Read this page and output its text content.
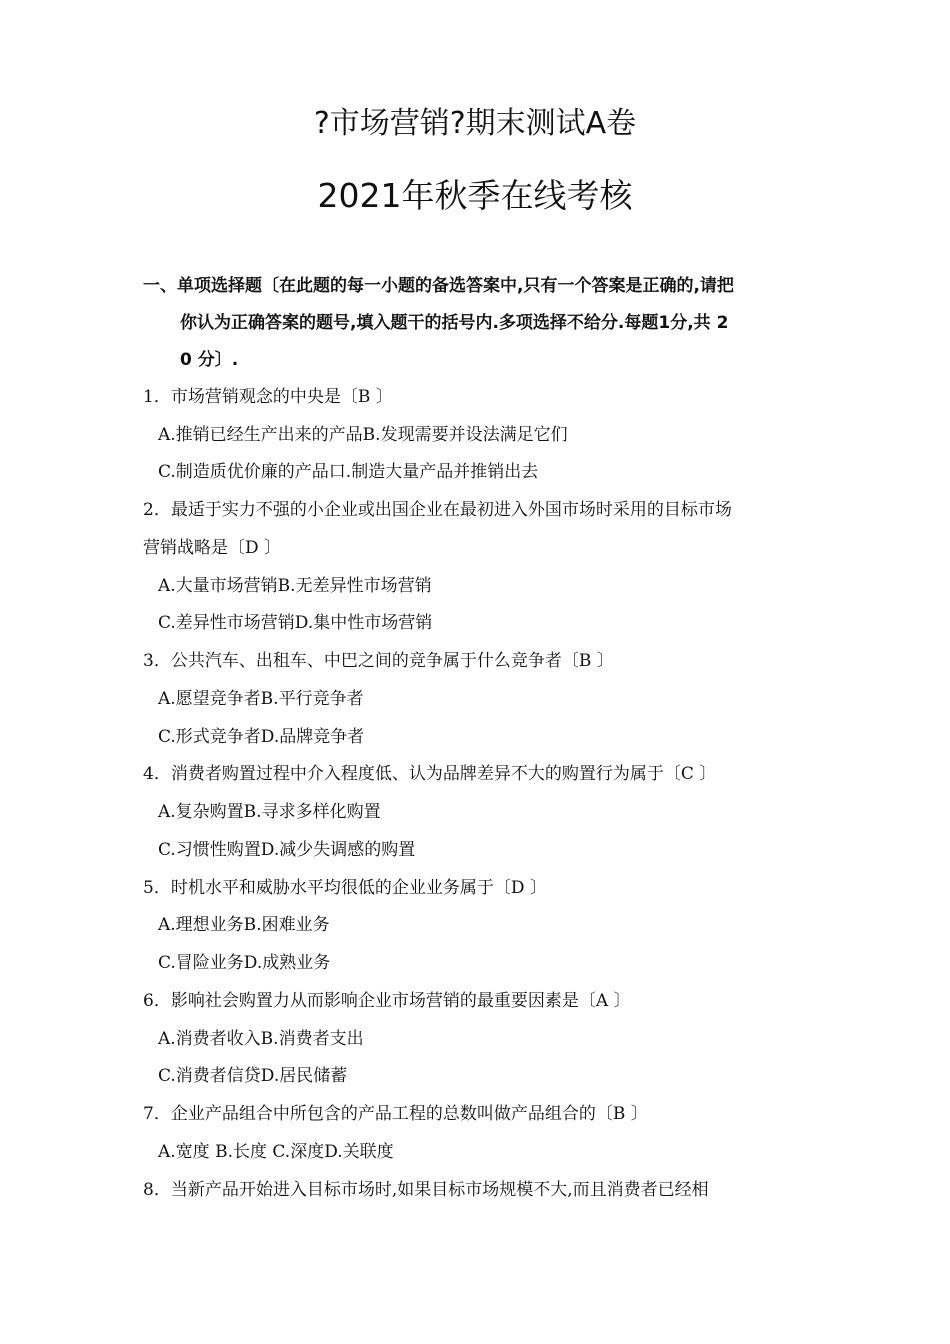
?市场营销?期末测试A卷
2021年秋季在线考核
一、单项选择题〔在此题的每一小题的备选答案中,只有一个答案是正确的,请把
你认为正确答案的题号,填入题干的括号内.多项选择不给分.每题1分,共 2
0 分〕.
1．市场营销观念的中央是〔B 〕
A.推销已经生产出来的产品B.发现需要并设法满足它们
C.制造质优价廉的产品口.制造大量产品并推销出去
2．最适于实力不强的小企业或出国企业在最初进入外国市场时采用的目标市场
营销战略是〔D 〕
A.大量市场营销B.无差异性市场营销
C.差异性市场营销D.集中性市场营销
3．公共汽车、出租车、中巴之间的竞争属于什么竞争者〔B 〕
A.愿望竞争者B.平行竞争者
C.形式竞争者D.品牌竞争者
4．消费者购置过程中介入程度低、认为品牌差异不大的购置行为属于〔C 〕
A.复杂购置B.寻求多样化购置
C.习惯性购置D.减少失调感的购置
5．时机水平和威胁水平均很低的企业业务属于〔D 〕
A.理想业务B.困难业务
C.冒险业务D.成熟业务
6．影响社会购置力从而影响企业市场营销的最重要因素是〔A 〕
A.消费者收入B.消费者支出
C.消费者信贷D.居民储蓄
7．企业产品组合中所包含的产品工程的总数叫做产品组合的〔B 〕
A.宽度 B.长度 C.深度D.关联度
8．当新产品开始进入目标市场时,如果目标市场规模不大,而且消费者已经相
